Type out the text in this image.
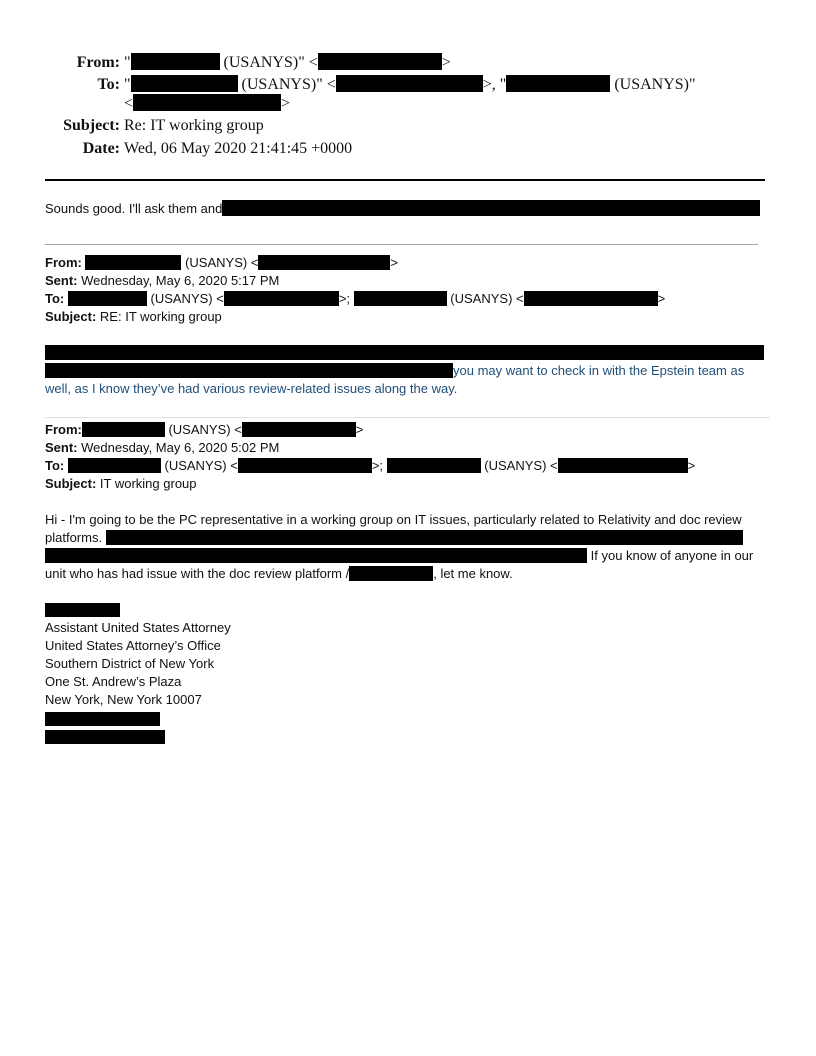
From: "	(USANYS)" <	>
To: "	(USANYS)" <	>, "	(USANYS)"
<	>
Subject: Re: IT working group
Date: Wed, 06 May 2020 21:41:45 +0000
Sounds good. I'll ask them and
From:	(USANYS) <	>
Sent: Wednesday, May 6, 2020 5:17 PM
To:	(USANYS) <	>;	(USANYS) <	>
Subject: RE: IT working group
you may want to check in with the Epstein team as
well, as I know they’ve had various review-related issues along the way.
From:	(USANYS) <	>
Sent: Wednesday, May 6, 2020 5:02 PM
To:	(USANYS) <	>;	(USANYS) <	>
Subject: IT working group
Hi - I'm going to be the PC representative in a working group on IT issues, particularly related to Relativity and doc review
platforms.
If you know of anyone in our
unit who has had issue with the doc review platform /	, let me know.
Assistant United States Attorney
United States Attorney’s Office
Southern District of New York
One St. Andrew’s Plaza
New York, New York 10007
